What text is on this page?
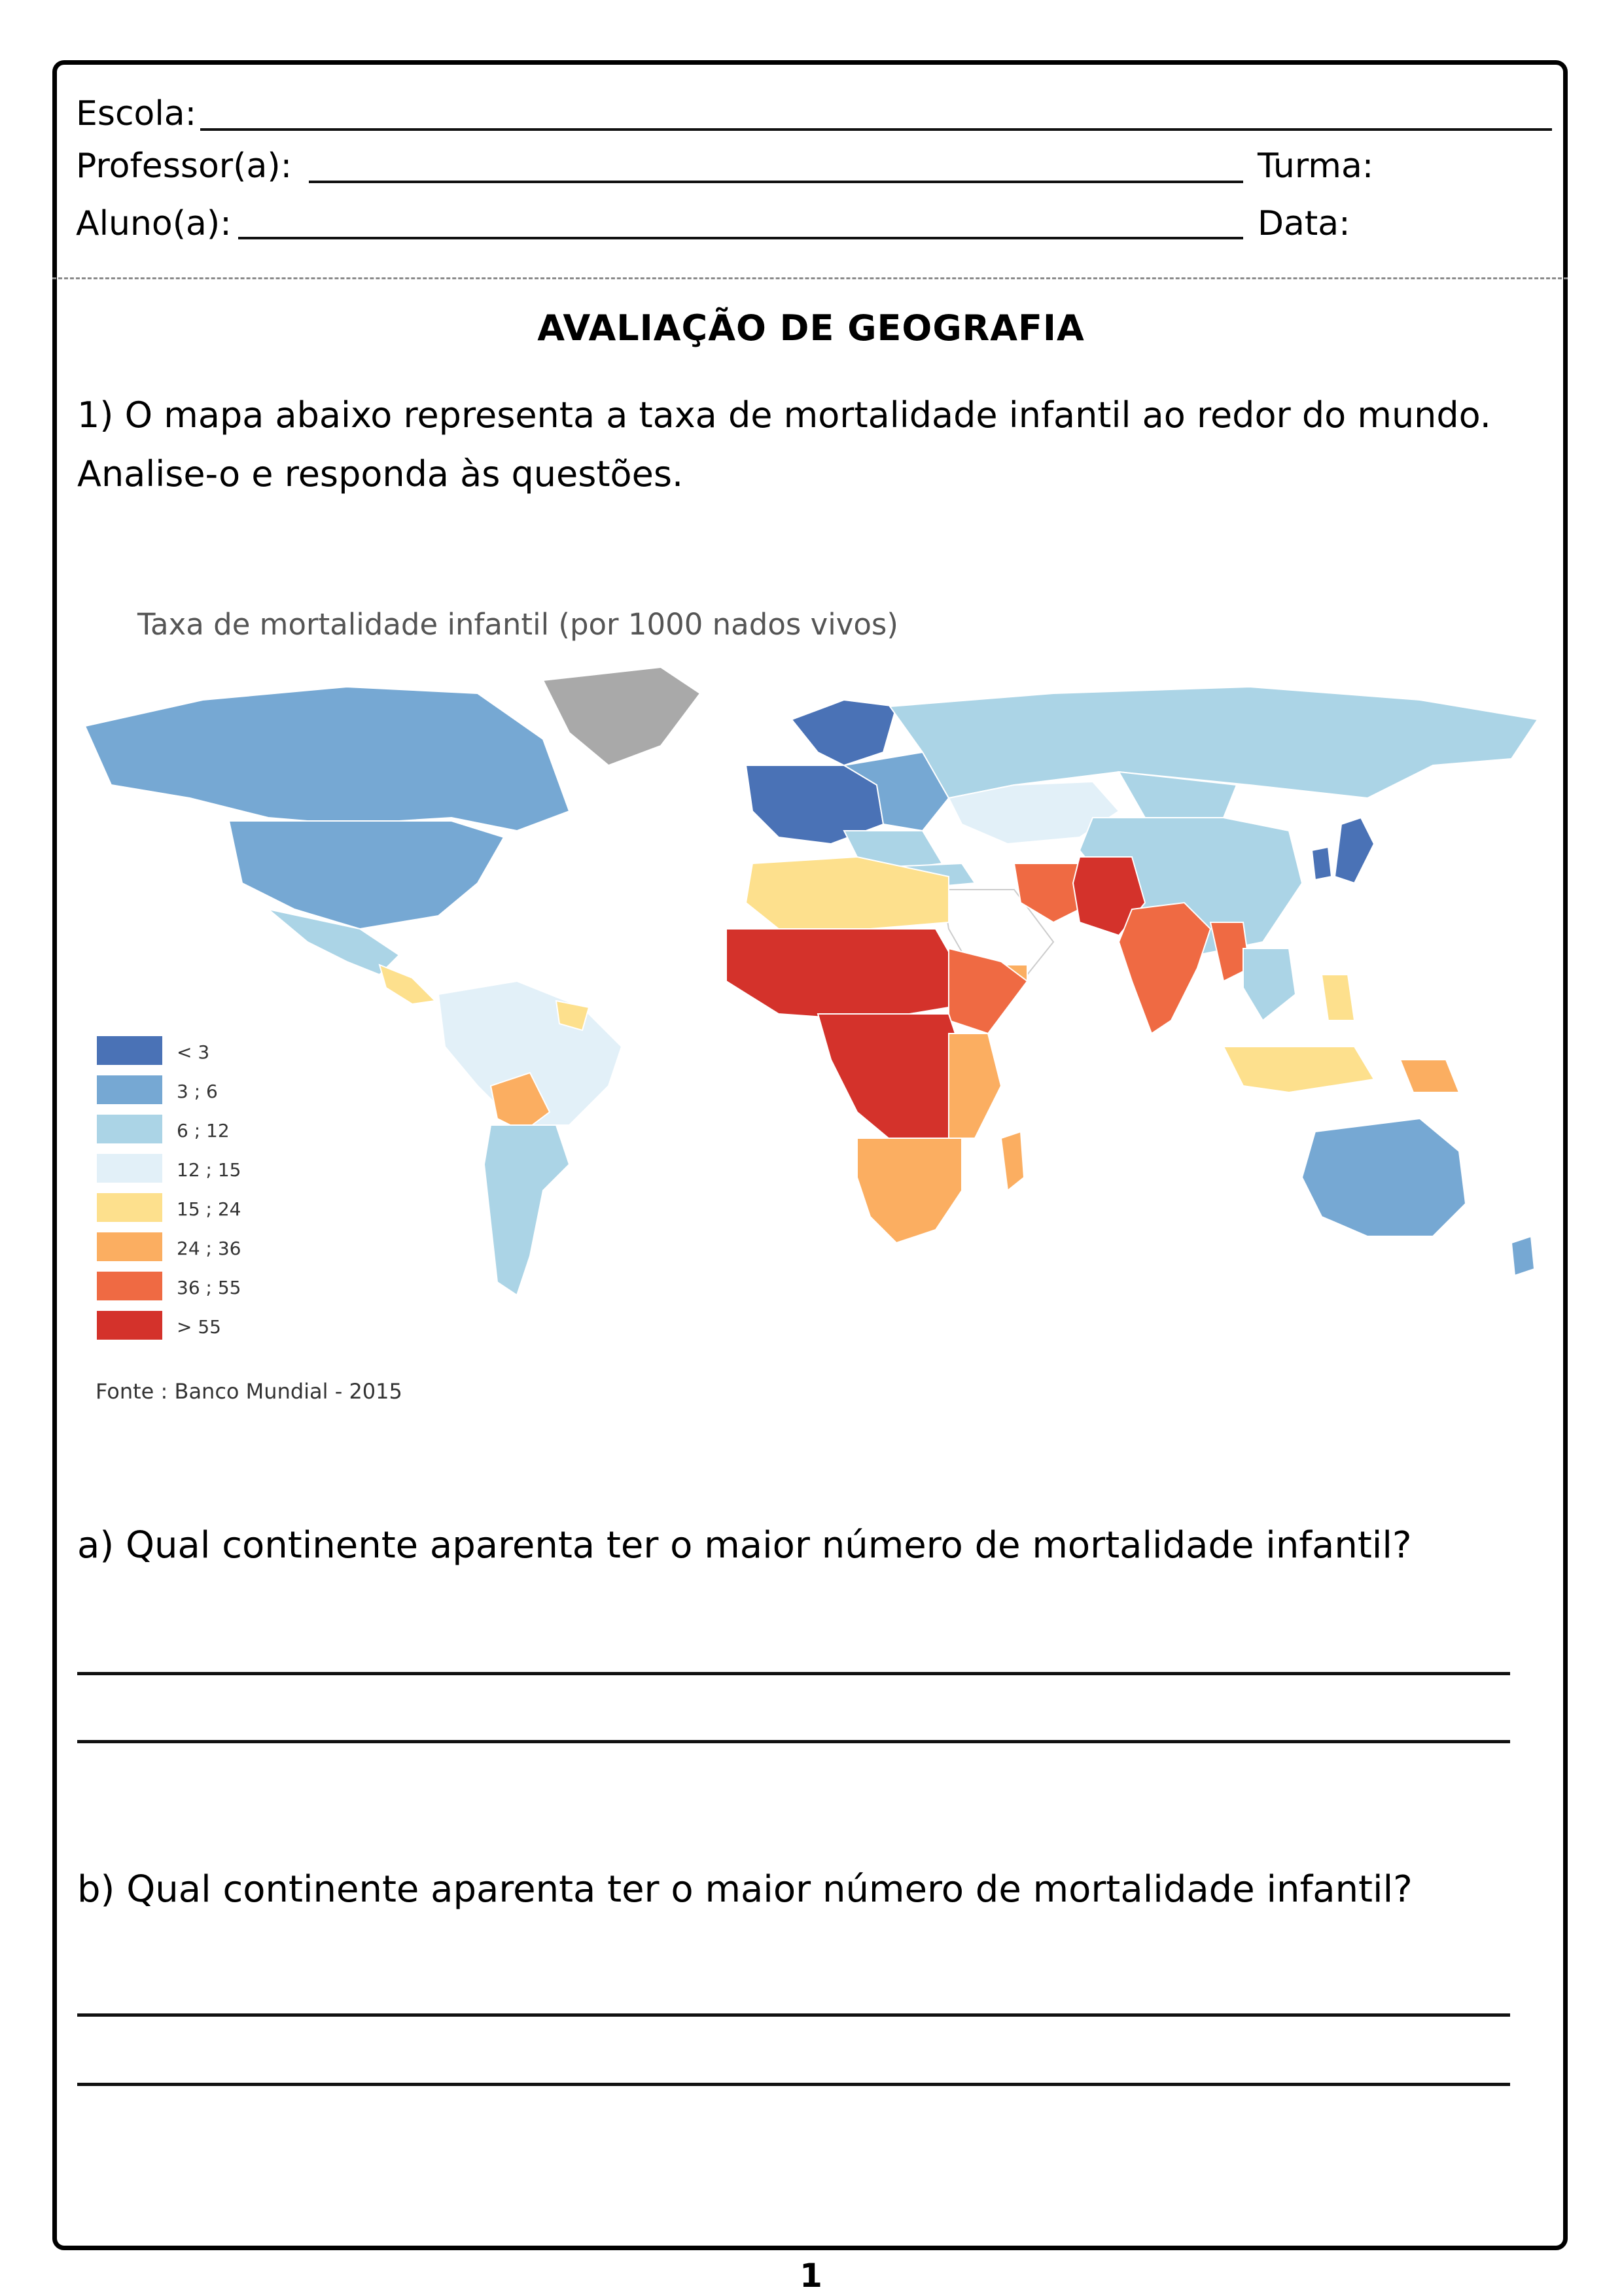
Escola:
Professor(a):	Turma:
Aluno(a):	Data:
AVALIAÇÃO DE GEOGRAFIA
1) O mapa abaixo representa a taxa de mortalidade infantil ao redor do mundo. Analise-o e responda às questões.
Taxa de mortalidade infantil (por 1000 nados vivos)
< 3
3 ; 6
6 ; 12
12 ; 15
15 ; 24
24 ; 36
36 ; 55
> 55
Fonte : Banco Mundial - 2015
a) Qual continente aparenta ter o maior número de mortalidade infantil?
b) Qual continente aparenta ter o maior número de mortalidade infantil?
1
